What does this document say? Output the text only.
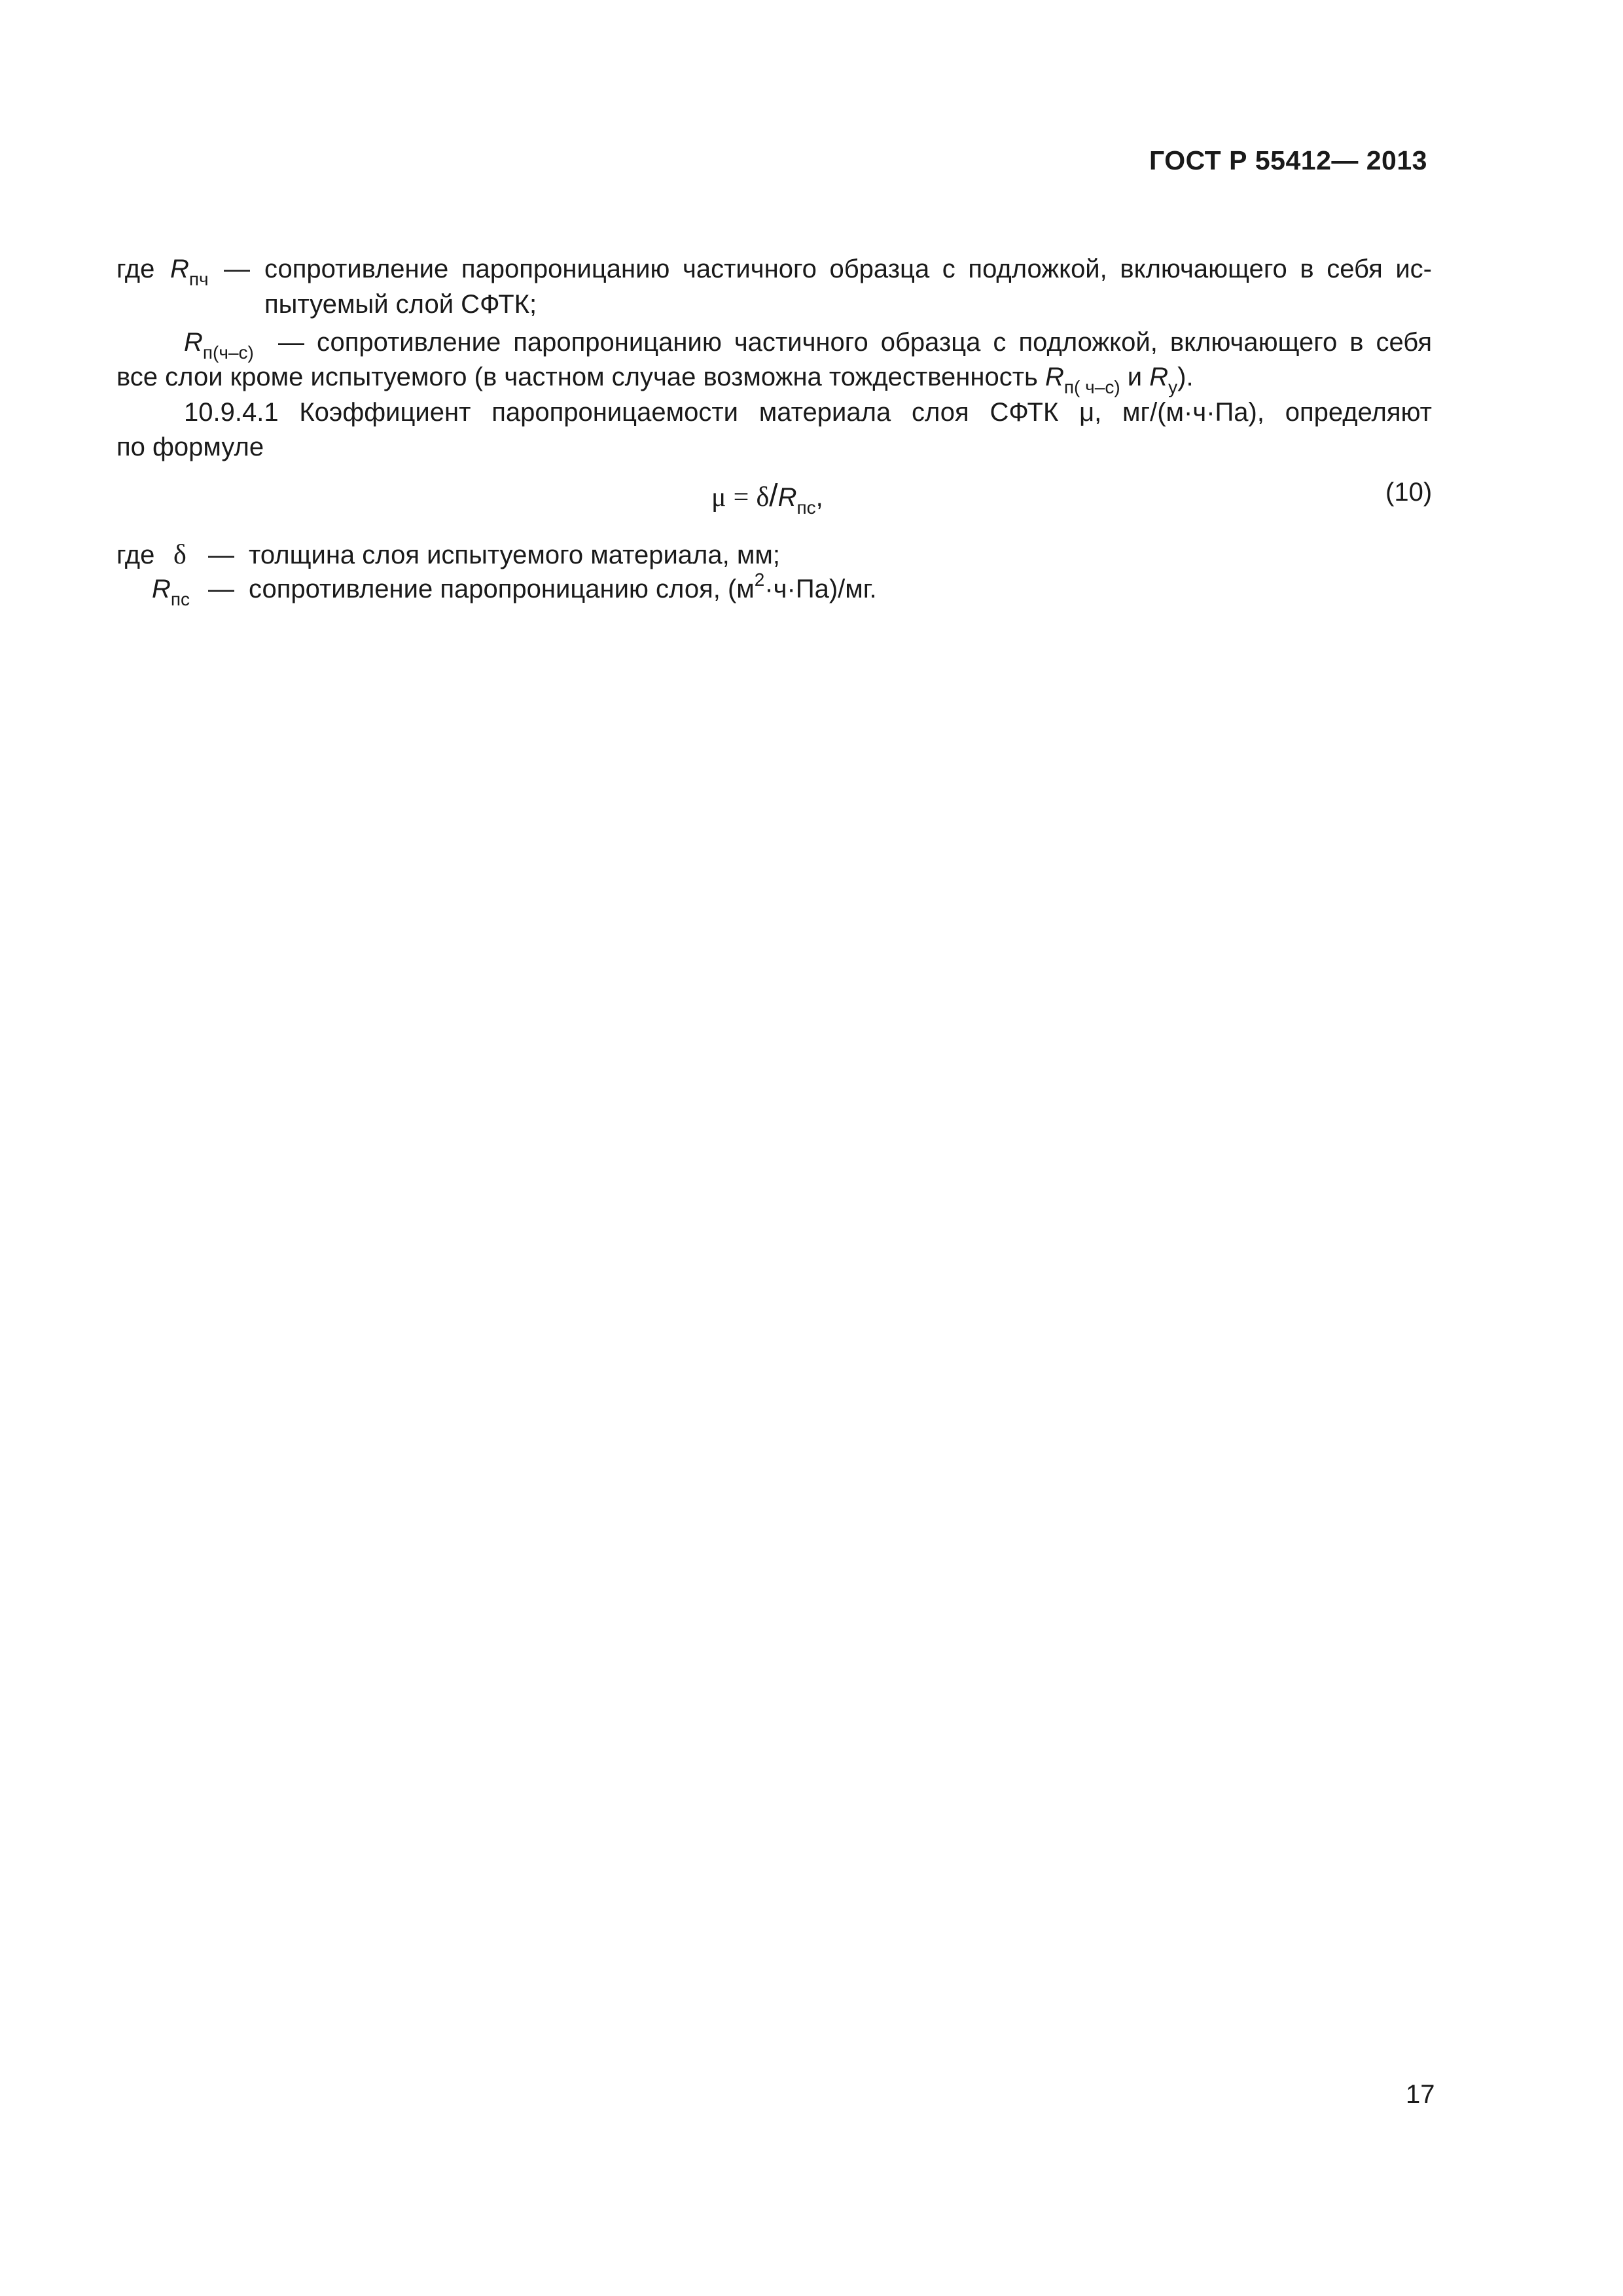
ГОСТ Р 55412— 2013
где $R_{пч}$ — сопротивление паропроницанию частичного образца с подложкой, включающего в себя ис-
пытуемый слой СФТК;
$R_{п(ч-с)}$ — сопротивление паропроницанию частичного образца с подложкой, включающего в себя
все слои кроме испытуемого (в частном случае возможна тождественность $R_{п( ч-с)}$ и $R_у$).
10.9.4.1 Коэффициент паропроницаемости материала слоя СФТК μ, мг/(м·ч·Па), определяют
по формуле
$\mu = \delta/R_{пс}$,	(10)
где δ — толщина слоя испытуемого материала, мм;
$R_{пс}$ — сопротивление паропроницанию слоя, $(м^2\cdot ч\cdot Па)/мг$.
17
